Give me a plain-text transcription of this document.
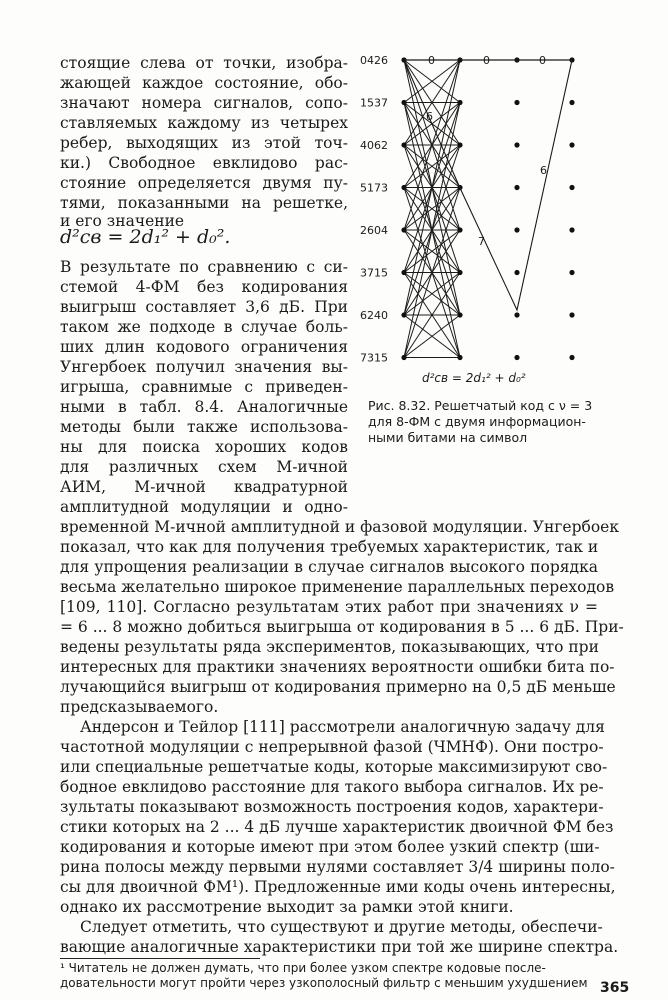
стоящие слева от точки, изобра-
жающей каждое состояние, обо-
значают номера сигналов, сопо-
ставляемых каждому из четырех
ребер, выходящих из этой точ-
ки.) Свободное евклидово рас-
стояние определяется двумя пу-
тями, показанными на решетке,
и его значение
d²св = 2d₁² + d₀².
В результате по сравнению с си-
стемой 4-ФМ без кодирования
выигрыш составляет 3,6 дБ. При
таком же подходе в случае боль-
ших длин кодового ограничения
Унгербоек получил значения вы-
игрыша, сравнимые с приведен-
ными в табл. 8.4. Аналогичные
методы были также использова-
ны для поиска хороших кодов
для различных схем M-ичной
АИМ, M-ичной квадратурной
амплитудной модуляции и одно-
0426
1537
4062
5173
2604
3715
6240
7315
0	0	0
6
6
7
d²св = 2d₁² + d₀²
Рис. 8.32. Решетчатый код с ν = 3
для 8-ФМ с двумя информацион-
ными битами на символ
временной M-ичной амплитудной и фазовой модуляции. Унгербоек
показал, что как для получения требуемых характеристик, так и
для упрощения реализации в случае сигналов высокого порядка
весьма желательно широкое применение параллельных переходов
[109, 110]. Согласно результатам этих работ при значениях ν =
= 6 ... 8 можно добиться выигрыша от кодирования в 5 ... 6 дБ. При-
ведены результаты ряда экспериментов, показывающих, что при
интересных для практики значениях вероятности ошибки бита по-
лучающийся выигрыш от кодирования примерно на 0,5 дБ меньше
предсказываемого.
Андерсон и Тейлор [111] рассмотрели аналогичную задачу для
частотной модуляции с непрерывной фазой (ЧМНФ). Они постро-
или специальные решетчатые коды, которые максимизируют сво-
бодное евклидово расстояние для такого выбора сигналов. Их ре-
зультаты показывают возможность построения кодов, характери-
стики которых на 2 ... 4 дБ лучше характеристик двоичной ФМ без
кодирования и которые имеют при этом более узкий спектр (ши-
рина полосы между первыми нулями составляет 3/4 ширины поло-
сы для двоичной ФМ¹). Предложенные ими коды очень интересны,
однако их рассмотрение выходит за рамки этой книги.
Следует отметить, что существуют и другие методы, обеспечи-
вающие аналогичные характеристики при той же ширине спектра.
¹ Читатель не должен думать, что при более узком спектре кодовые после-
довательности могут пройти через узкополосный фильтр с меньшим ухудшением 365
